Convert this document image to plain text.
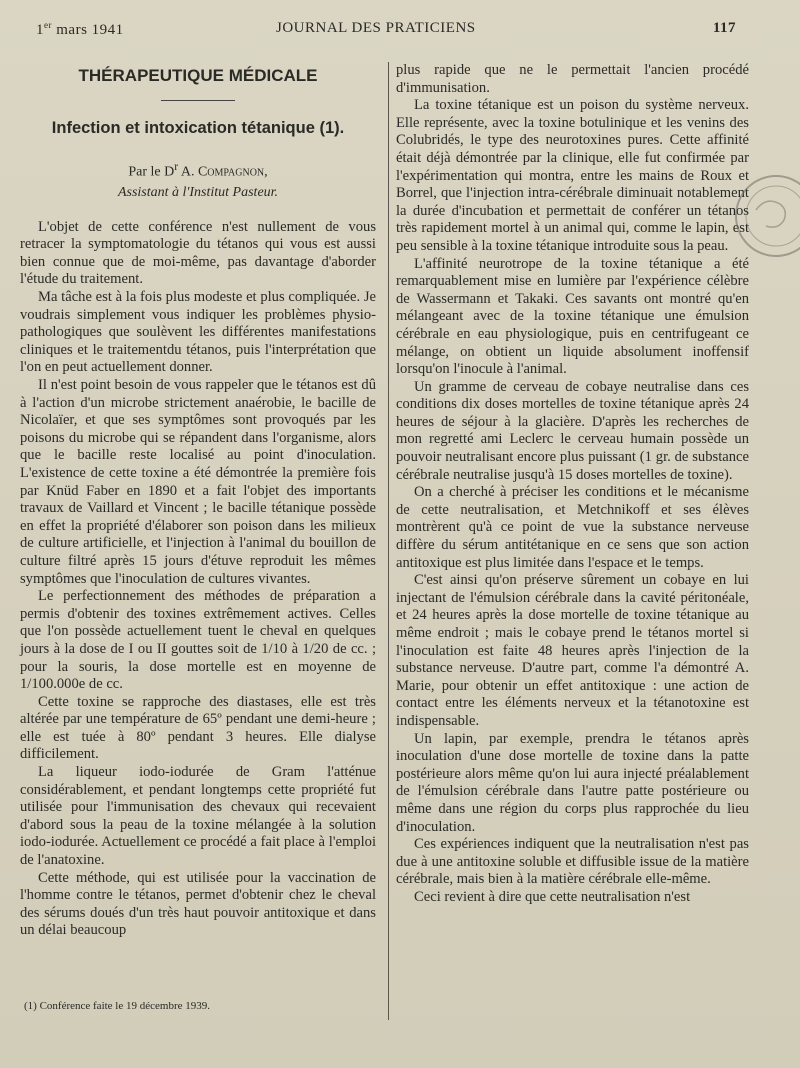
1er mars 1941	JOURNAL DES PRATICIENS	117
THÉRAPEUTIQUE MÉDICALE
Infection et intoxication tétanique (1).
Par le $D^r$ A. Compagnon,
Assistant à l'Institut Pasteur.

L'objet de cette conférence n'est nullement de vous retracer la symptomatologie du tétanos qui vous est aussi bien connue que de moi-même, pas davantage d'aborder l'étude du traitement.

Ma tâche est à la fois plus modeste et plus compliquée. Je voudrais simplement vous indiquer les problèmes physio-pathologiques que soulèvent les différentes manifestations cliniques et le traitementdu tétanos, puis l'interprétation que l'on en peut actuellement donner.

Il n'est point besoin de vous rappeler que le tétanos est dû à l'action d'un microbe strictement anaérobie, le bacille de Nicolaïer, et que ses symptômes sont provoqués par les poisons du microbe qui se répandent dans l'organisme, alors que le bacille reste localisé au point d'inoculation. L'existence de cette toxine a été démontrée la première fois par Knüd Faber en 1890 et a fait l'objet des importants travaux de Vaillard et Vincent ; le bacille tétanique possède en effet la propriété d'élaborer son poison dans les milieux de culture artificielle, et l'injection à l'animal du bouillon de culture filtré après 15 jours d'étuve reproduit les mêmes symptômes que l'inoculation de cultures vivantes.

Le perfectionnement des méthodes de préparation a permis d'obtenir des toxines extrêmement actives. Celles que l'on possède actuellement tuent le cheval en quelques jours à la dose de I ou II gouttes soit de 1/10 à 1/20 de cc. ; pour la souris, la dose mortelle est en moyenne de 1/100.000e de cc.

Cette toxine se rapproche des diastases, elle est très altérée par une température de 65º pendant une demi-heure ; elle est tuée à 80º pendant 3 heures. Elle dialyse difficilement.

La liqueur iodo-iodurée de Gram l'atténue considérablement, et pendant longtemps cette propriété fut utilisée pour l'immunisation des chevaux qui recevaient d'abord sous la peau de la toxine mélangée à la solution iodo-iodurée. Actuellement ce procédé a fait place à l'emploi de l'anatoxine.

Cette méthode, qui est utilisée pour la vaccination de l'homme contre le tétanos, permet d'obtenir chez le cheval des sérums doués d'un très haut pouvoir antitoxique et dans un délai beaucoup

plus rapide que ne le permettait l'ancien procédé d'immunisation.

La toxine tétanique est un poison du système nerveux. Elle représente, avec la toxine botulinique et les venins des Colubridés, le type des neurotoxines pures. Cette affinité était déjà démontrée par la clinique, elle fut confirmée par l'expérimentation qui montra, entre les mains de Roux et Borrel, que l'injection intra-cérébrale diminuait notablement la durée d'incubation et permettait de conférer un tétanos très rapidement mortel à un animal qui, comme le lapin, est peu sensible à la toxine tétanique introduite sous la peau.

L'affinité neurotrope de la toxine tétanique a été remarquablement mise en lumière par l'expérience célèbre de Wassermann et Takaki. Ces savants ont montré qu'en mélangeant avec de la toxine tétanique une émulsion cérébrale en eau physiologique, puis en centrifugeant ce mélange, on obtient un liquide absolument inoffensif lorsqu'on l'inocule à l'animal.

Un gramme de cerveau de cobaye neutralise dans ces conditions dix doses mortelles de toxine tétanique après 24 heures de séjour à la glacière. D'après les recherches de mon regretté ami Leclerc le cerveau humain possède un pouvoir neutralisant encore plus puissant (1 gr. de substance cérébrale neutralise jusqu'à 15 doses mortelles de toxine).

On a cherché à préciser les conditions et le mécanisme de cette neutralisation, et Metchnikoff et ses élèves montrèrent qu'à ce point de vue la substance nerveuse diffère du sérum antitétanique en ce sens que son action antitoxique est plus limitée dans l'espace et le temps.

C'est ainsi qu'on préserve sûrement un cobaye en lui injectant de l'émulsion cérébrale dans la cavité péritonéale, et 24 heures après la dose mortelle de toxine tétanique au même endroit ; mais le cobaye prend le tétanos mortel si l'inoculation est faite 48 heures après l'injection de la substance nerveuse. D'autre part, comme l'a démontré A. Marie, pour obtenir un effet antitoxique : une action de contact entre les éléments nerveux et la tétanotoxine est indispensable.

Un lapin, par exemple, prendra le tétanos après inoculation d'une dose mortelle de toxine dans la patte postérieure alors même qu'on lui aura injecté préalablement de l'émulsion cérébrale dans l'autre patte postérieure ou même dans une région du corps plus rapprochée du lieu d'inoculation.

Ces expériences indiquent que la neutralisation n'est pas due à une antitoxine soluble et diffusible issue de la matière cérébrale, mais bien à la matière cérébrale elle-même.

Ceci revient à dire que cette neutralisation n'est

(1) Conférence faite le 19 décembre 1939.
